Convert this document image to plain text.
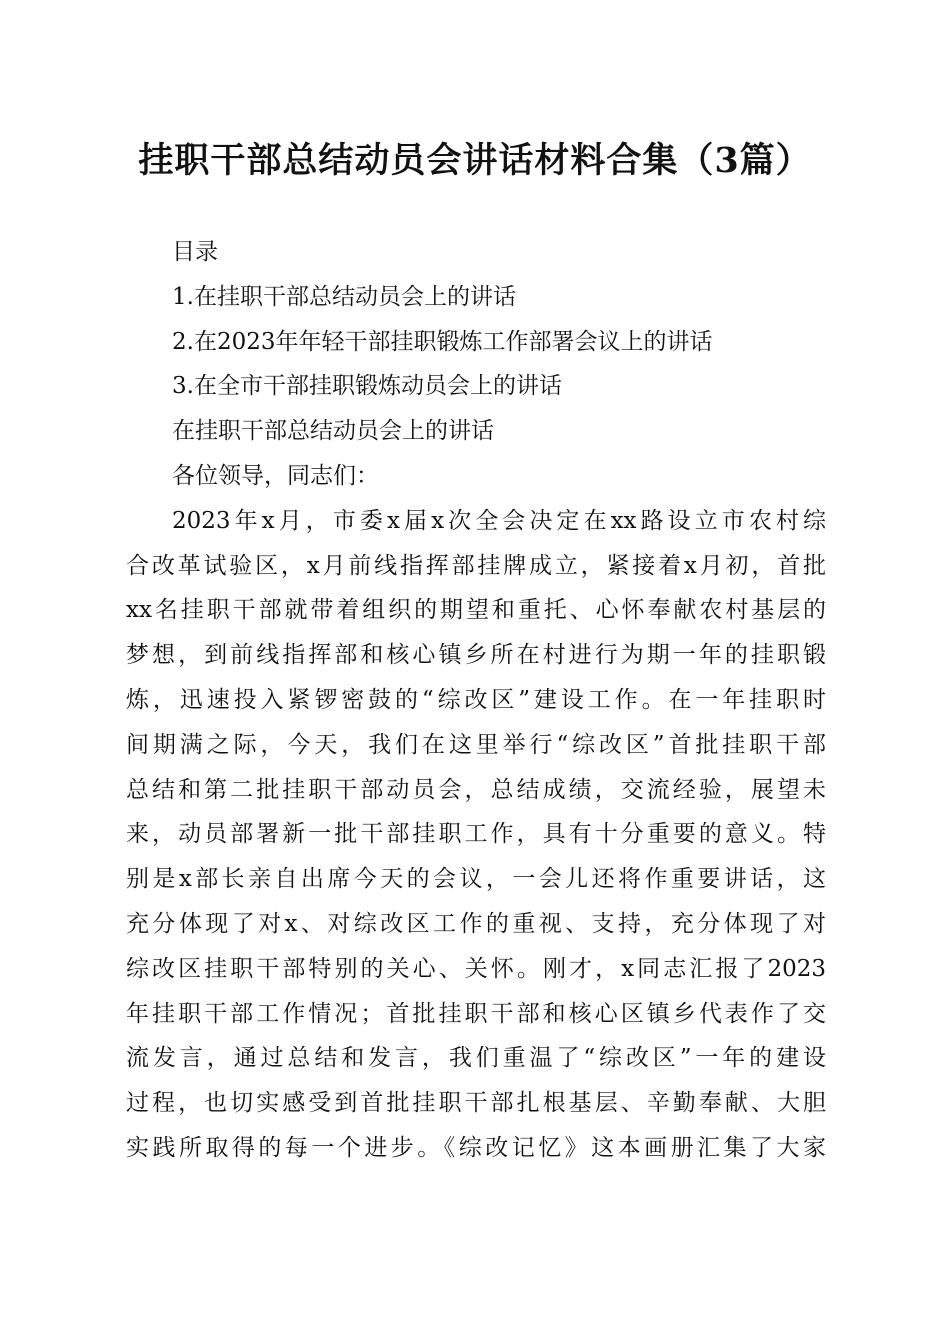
挂职干部总结动员会讲话材料合集（3篇）
目录
1.在挂职干部总结动员会上的讲话
2.在2023年年轻干部挂职锻炼工作部署会议上的讲话
3.在全市干部挂职锻炼动员会上的讲话
在挂职干部总结动员会上的讲话
各位领导，同志们：
2023年x月，市委x届x次全会决定在xx路设立市农村综
合改革试验区，x月前线指挥部挂牌成立，紧接着x月初，首批
xx名挂职干部就带着组织的期望和重托、心怀奉献农村基层的
梦想，到前线指挥部和核心镇乡所在村进行为期一年的挂职锻
炼，迅速投入紧锣密鼓的“综改区”建设工作。在一年挂职时
间期满之际，今天，我们在这里举行“综改区”首批挂职干部
总结和第二批挂职干部动员会，总结成绩，交流经验，展望未
来，动员部署新一批干部挂职工作，具有十分重要的意义。特
别是x部长亲自出席今天的会议，一会儿还将作重要讲话，这
充分体现了对x、对综改区工作的重视、支持，充分体现了对
综改区挂职干部特别的关心、关怀。刚才，x同志汇报了2023
年挂职干部工作情况；首批挂职干部和核心区镇乡代表作了交
流发言，通过总结和发言，我们重温了“综改区”一年的建设
过程，也切实感受到首批挂职干部扎根基层、辛勤奉献、大胆
实践所取得的每一个进步。《综改记忆》这本画册汇集了大家
